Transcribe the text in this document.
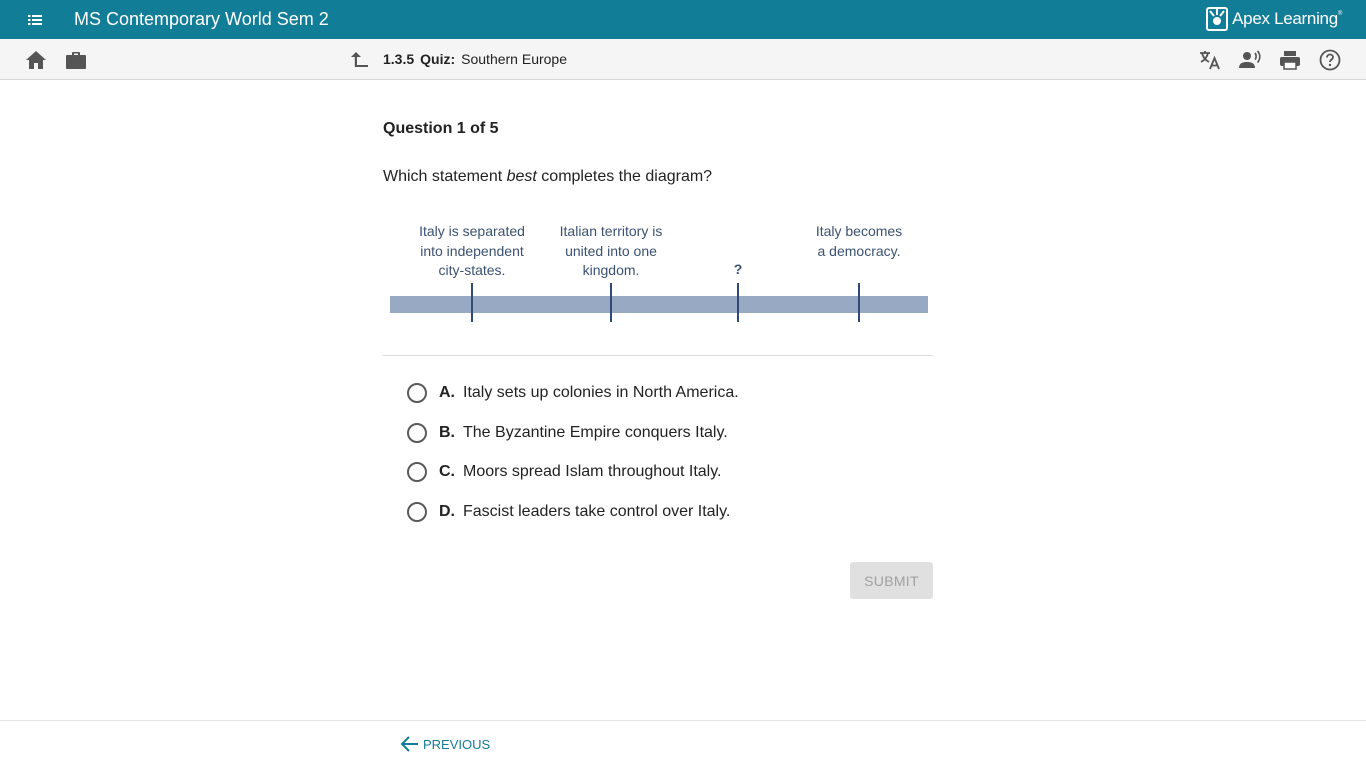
MS Contemporary World Sem 2	Apex Learning®
1.3.5 Quiz: Southern Europe
Question 1 of 5
Which statement best completes the diagram?
Italy is separated into independent city-states.
Italian territory is united into one kingdom.	?
Italy becomes a democracy.
A. Italy sets up colonies in North America.
B. The Byzantine Empire conquers Italy.
C. Moors spread Islam throughout Italy.
D. Fascist leaders take control over Italy.
SUBMIT
PREVIOUS
